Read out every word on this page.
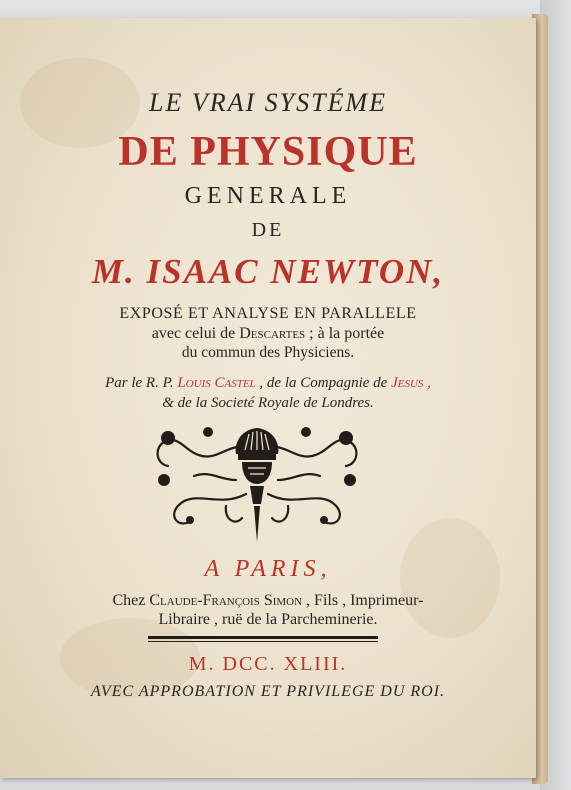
LE VRAI SYSTÉME
DE PHYSIQUE
GENERALE
DE
M. ISAAC NEWTON,
EXPOSÉ ET ANALYSE EN PARALLELE
avec celui de Descartes ; à la portée
du commun des Physiciens.
Par le R. P. Louis Castel , de la Compagnie de Jesus ,
& de la Societé Royale de Londres.
A PARIS,
Chez Claude-François Simon , Fils , Imprimeur-
Libraire , ruë de la Parcheminerie.
M. DCC. XLIII.
AVEC APPROBATION ET PRIVILEGE DU ROI.
